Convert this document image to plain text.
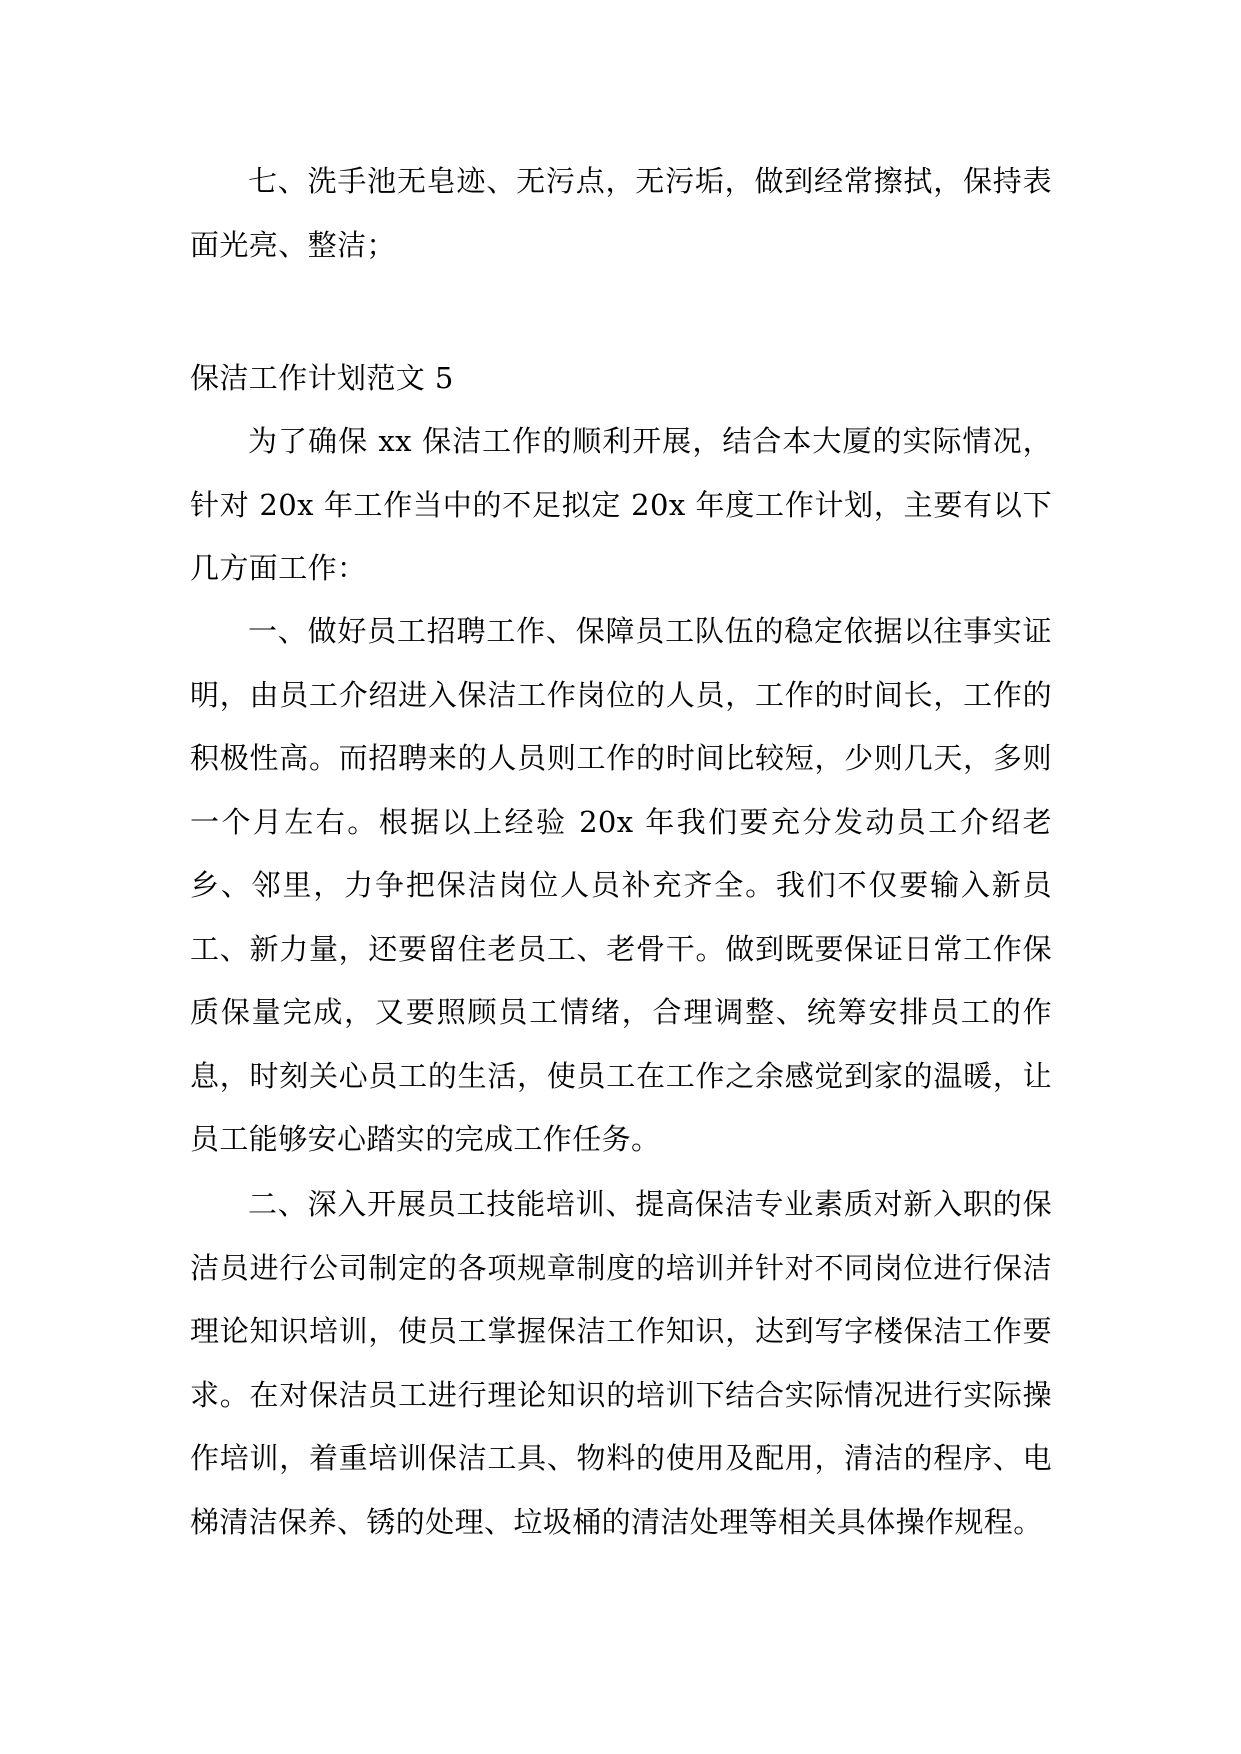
七、洗手池无皂迹、无污点，无污垢，做到经常擦拭，保持表面光亮、整洁；

保洁工作计划范文 5

为了确保 xx 保洁工作的顺利开展，结合本大厦的实际情况，针对 20x 年工作当中的不足拟定 20x 年度工作计划，主要有以下几方面工作：

一、做好员工招聘工作、保障员工队伍的稳定依据以往事实证明，由员工介绍进入保洁工作岗位的人员，工作的时间长，工作的积极性高。而招聘来的人员则工作的时间比较短，少则几天，多则一个月左右。根据以上经验 20x 年我们要充分发动员工介绍老乡、邻里，力争把保洁岗位人员补充齐全。我们不仅要输入新员工、新力量，还要留住老员工、老骨干。做到既要保证日常工作保质保量完成，又要照顾员工情绪，合理调整、统筹安排员工的作息，时刻关心员工的生活，使员工在工作之余感觉到家的温暖，让员工能够安心踏实的完成工作任务。

二、深入开展员工技能培训、提高保洁专业素质对新入职的保洁员进行公司制定的各项规章制度的培训并针对不同岗位进行保洁理论知识培训，使员工掌握保洁工作知识，达到写字楼保洁工作要求。在对保洁员工进行理论知识的培训下结合实际情况进行实际操作培训，着重培训保洁工具、物料的使用及配用，清洁的程序、电梯清洁保养、锈的处理、垃圾桶的清洁处理等相关具体操作规程。
